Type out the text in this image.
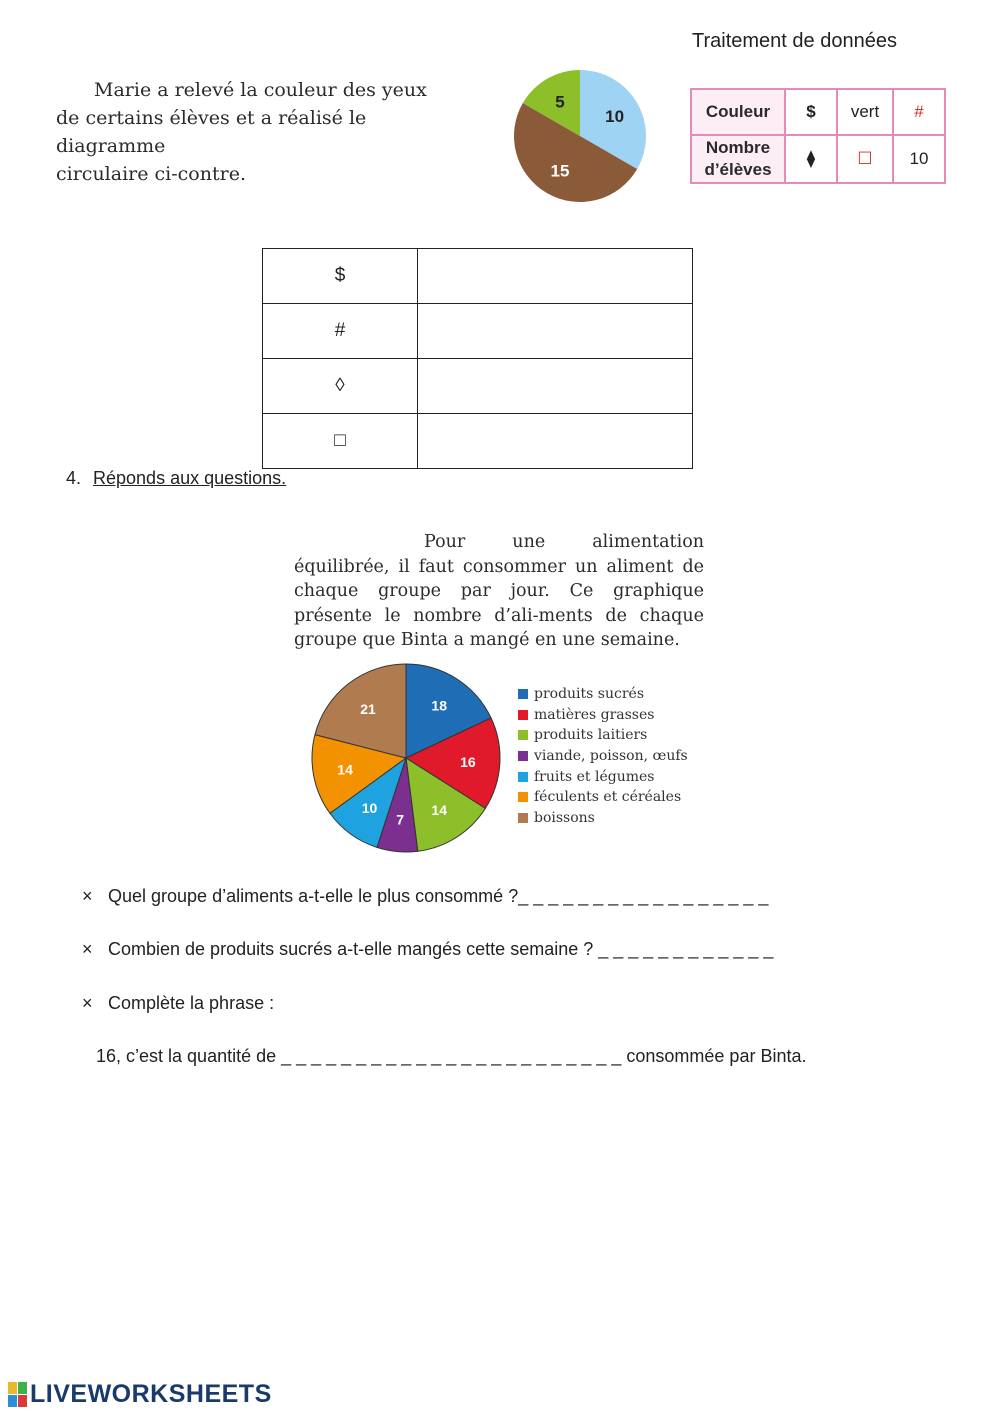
Traitement de données
Marie a relevé la couleur des yeux
de certains élèves et a réalisé le diagramme
circulaire ci-contre.
10
15
5
Couleur	$	vert	#

Nombre
d’élèves	⧫	☐	10
$	
#	
◊	
□	
4. Réponds aux questions.
Pour une alimentation équilibrée, il faut consommer un aliment de chaque groupe par jour. Ce graphique présente le nombre d’ali-ments de chaque groupe que Binta a mangé en une semaine.
18
16
14
7
10
14
21
produits sucrés
matières grasses
produits laitiers
viande, poisson, œufs
fruits et légumes
féculents et céréales
boissons
× Quel groupe d’aliments a-t-elle le plus consommé ?_ _ _ _ _ _ _ _ _ _ _ _ _ _ _ _ _
× Combien de produits sucrés a-t-elle mangés cette semaine ? _ _ _ _ _ _ _ _ _ _ _ _
× Complète la phrase :
16, c’est la quantité de _ _ _ _ _ _ _ _ _ _ _ _ _ _ _ _ _ _ _ _ _ _ _ consommée par Binta.
LIVEWORKSHEETS
